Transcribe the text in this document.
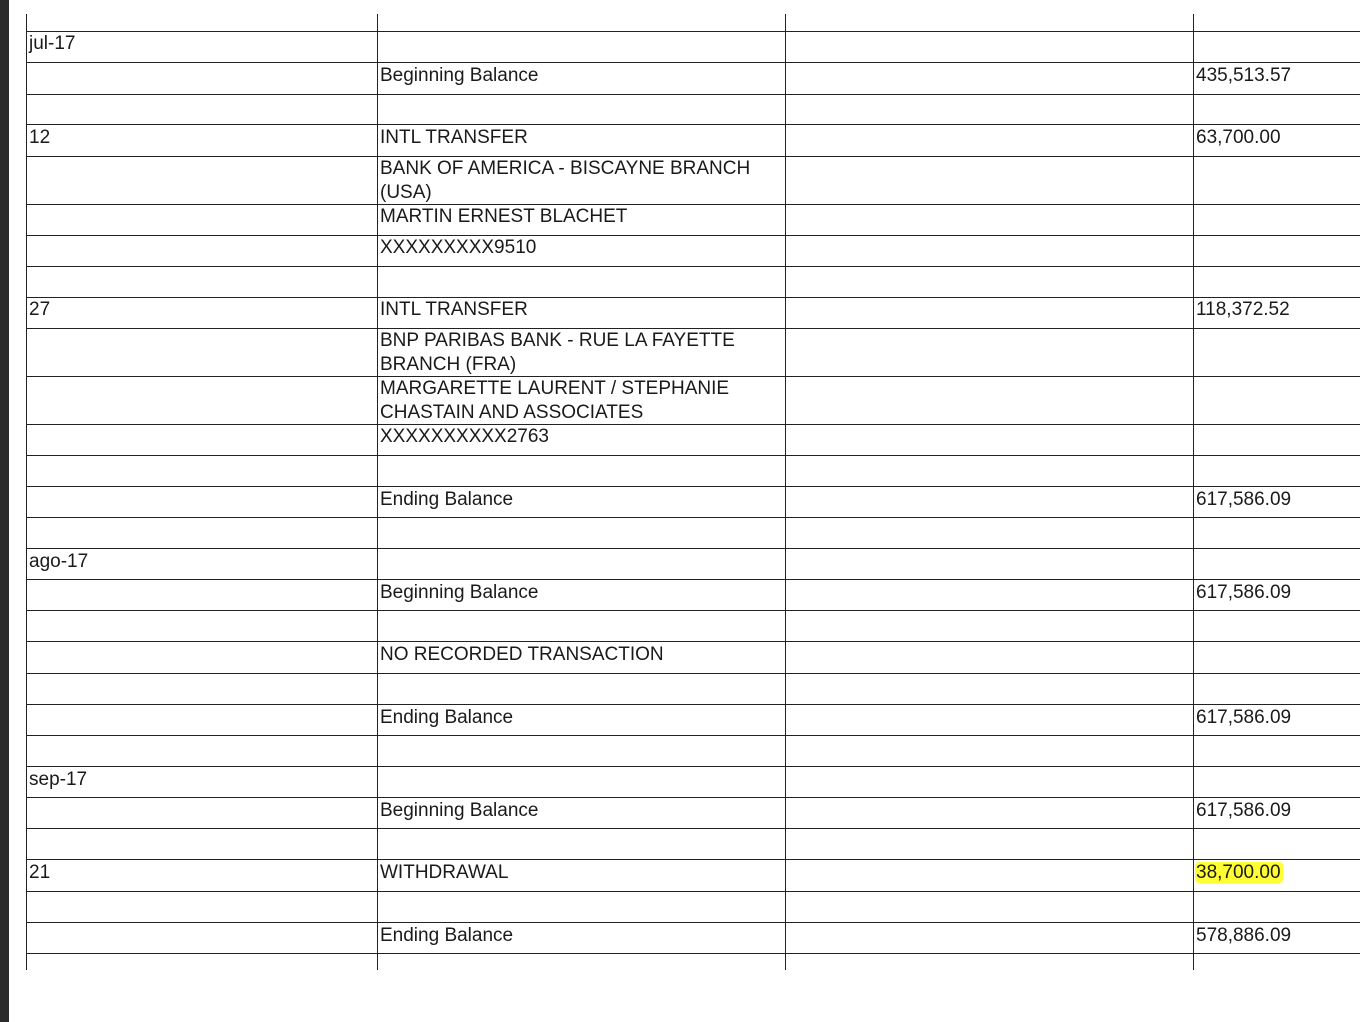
jul-17
Beginning Balance	435,513.57
12	INTL TRANSFER	63,700.00
BANK OF AMERICA - BISCAYNE BRANCH (USA)
MARTIN ERNEST BLACHET
XXXXXXXXX9510
27	INTL TRANSFER	118,372.52
BNP PARIBAS BANK - RUE LA FAYETTE BRANCH (FRA)
MARGARETTE LAURENT / STEPHANIE CHASTAIN AND ASSOCIATES
XXXXXXXXXX2763
Ending Balance	617,586.09
ago-17
Beginning Balance	617,586.09
NO RECORDED TRANSACTION
Ending Balance	617,586.09
sep-17
Beginning Balance	617,586.09
21	WITHDRAWAL	38,700.00
Ending Balance	578,886.09
